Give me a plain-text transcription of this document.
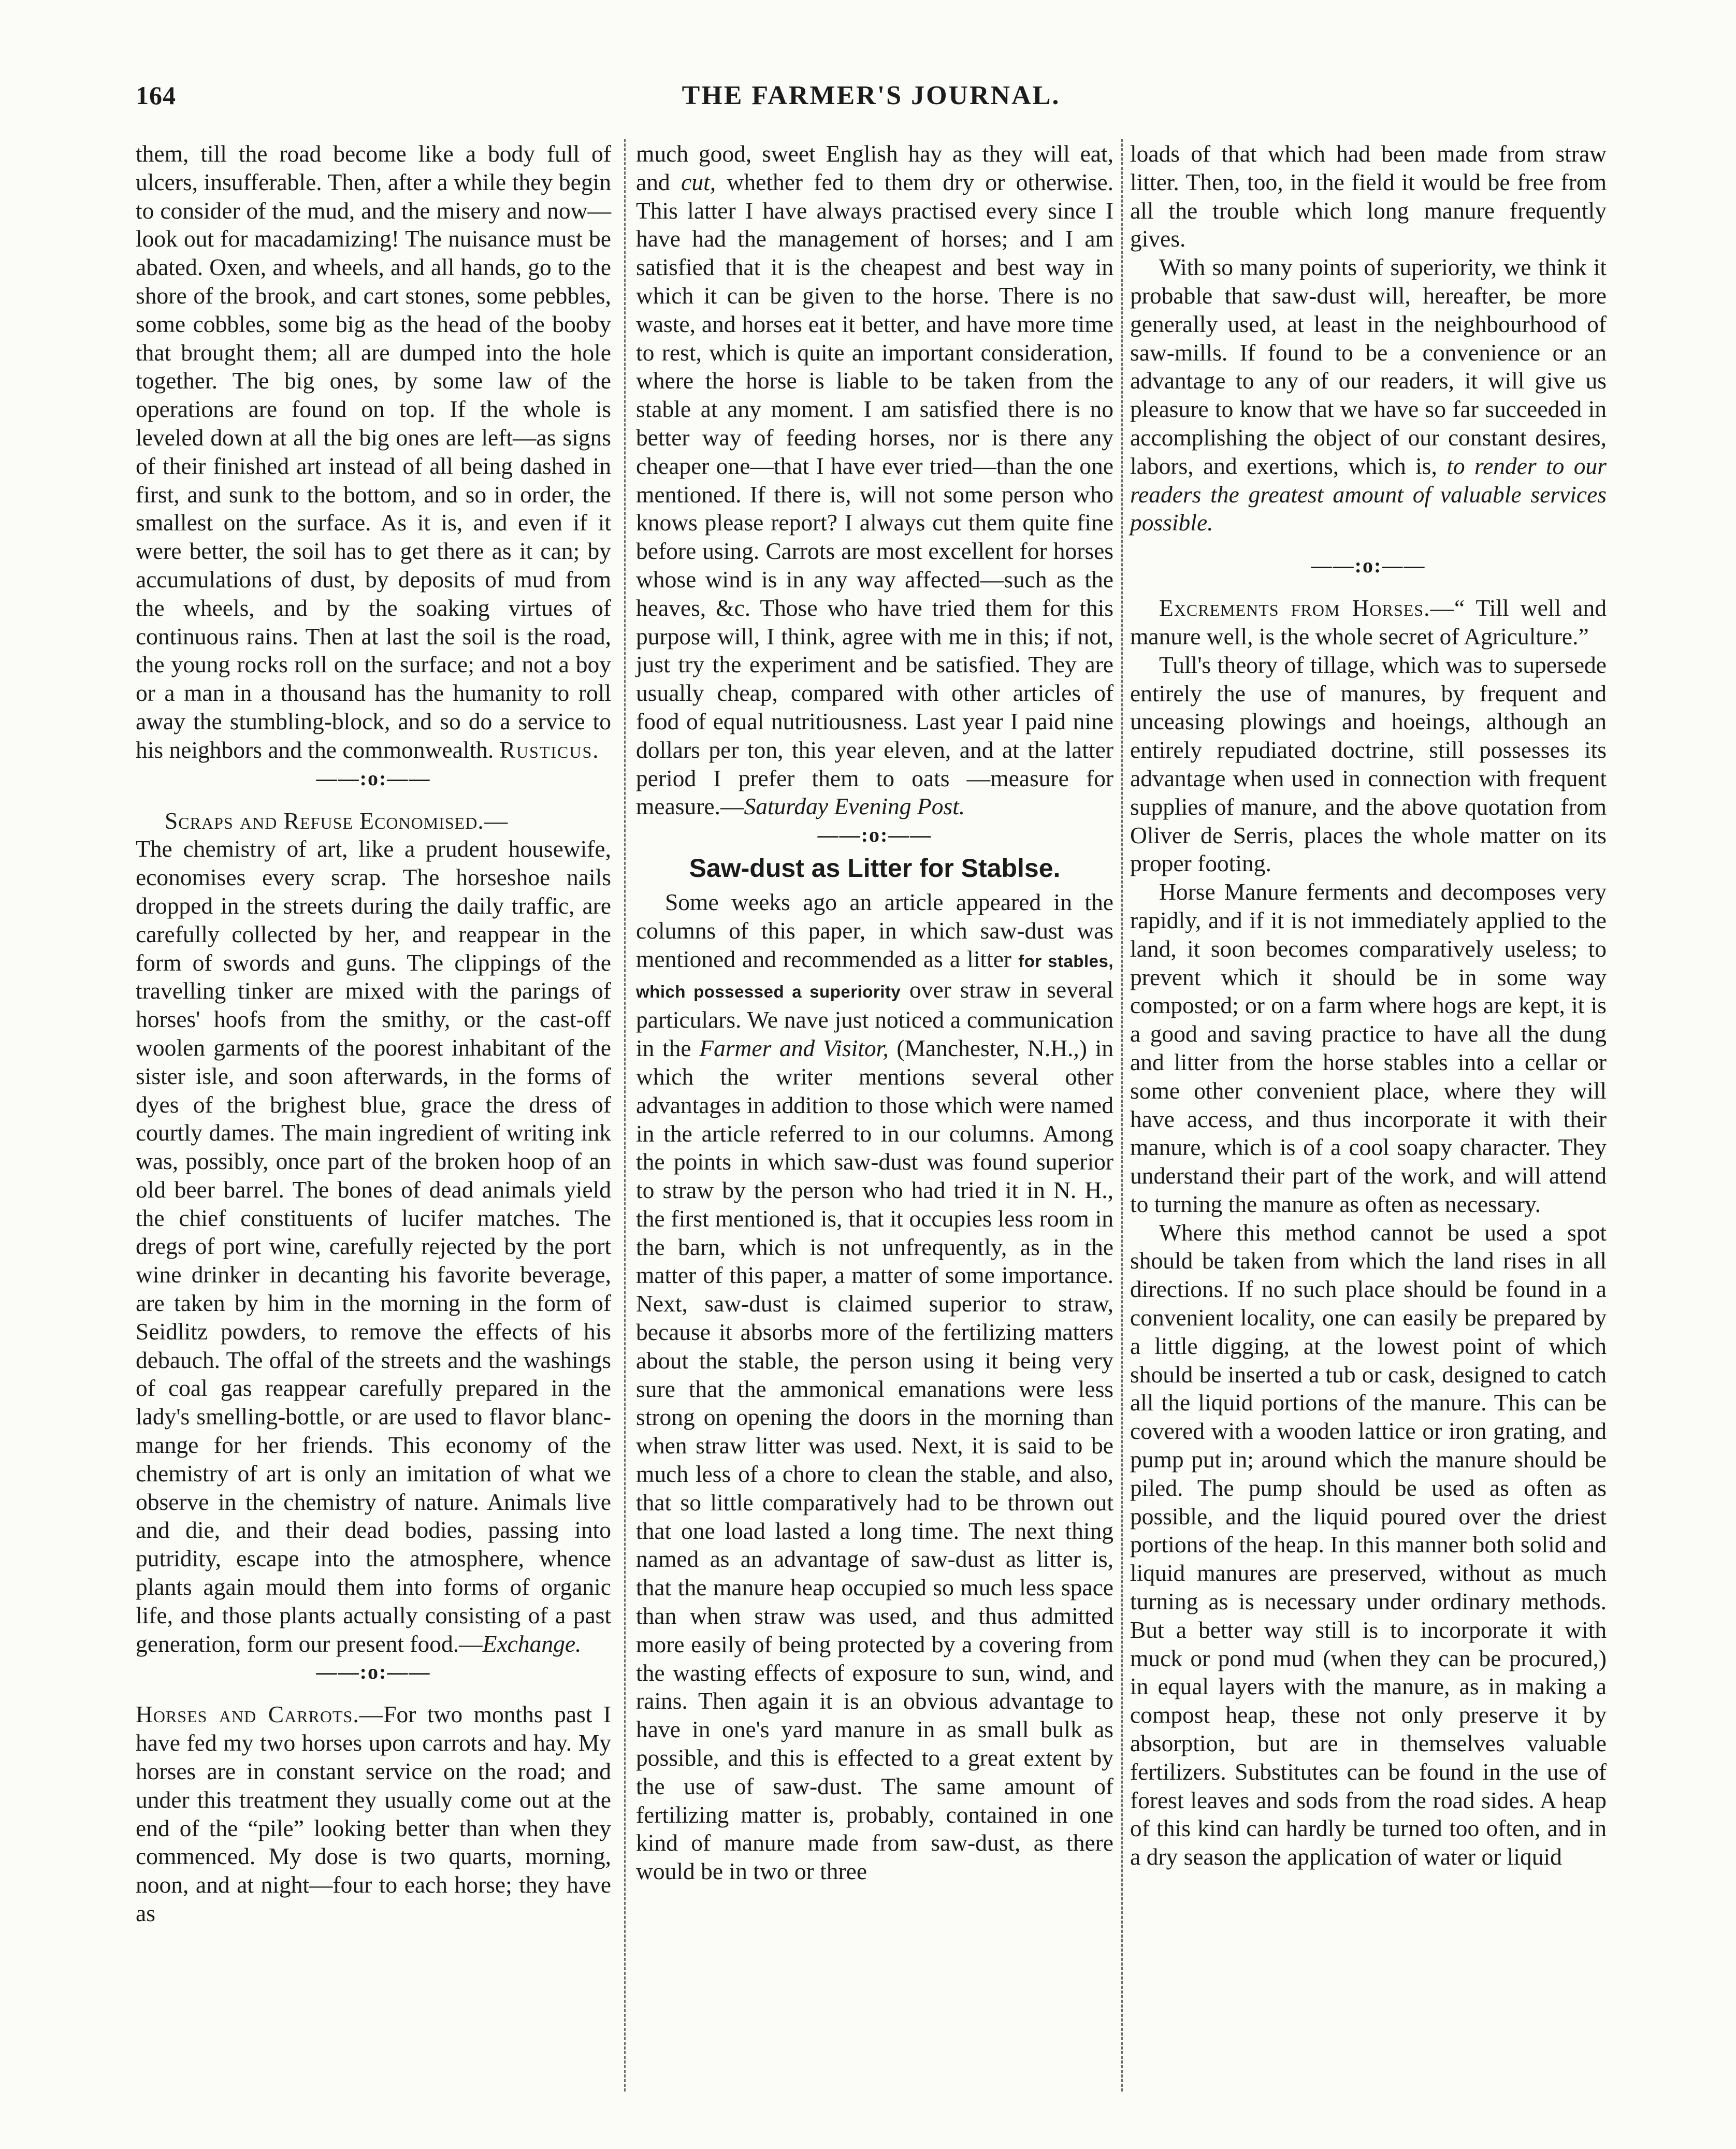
164	THE FARMER'S JOURNAL.

them, till the road become like a body full of ulcers, insufferable. Then, after a while they begin to consider of the mud, and the misery and now—look out for macadamizing! The nuisance must be abated. Oxen, and wheels, and all hands, go to the shore of the brook, and cart stones, some pebbles, some cobbles, some big as the head of the booby that brought them; all are dumped into the hole together. The big ones, by some law of the operations are found on top. If the whole is leveled down at all the big ones are left—as signs of their finished art instead of all being dashed in first, and sunk to the bottom, and so in order, the smallest on the surface. As it is, and even if it were better, the soil has to get there as it can; by accumulations of dust, by deposits of mud from the wheels, and by the soaking virtues of continuous rains. Then at last the soil is the road, the young rocks roll on the surface; and not a boy or a man in a thousand has the humanity to roll away the stumbling-block, and so do a service to his neighbors and the commonwealth. Rusticus.

——:o:——

Scraps and Refuse Economised.—

The chemistry of art, like a prudent housewife, economises every scrap. The horseshoe nails dropped in the streets during the daily traffic, are carefully collected by her, and reappear in the form of swords and guns. The clippings of the travelling tinker are mixed with the parings of horses' hoofs from the smithy, or the cast-off woolen garments of the poorest inhabitant of the sister isle, and soon afterwards, in the forms of dyes of the brighest blue, grace the dress of courtly dames. The main ingredient of writing ink was, possibly, once part of the broken hoop of an old beer barrel. The bones of dead animals yield the chief constituents of lucifer matches. The dregs of port wine, carefully rejected by the port wine drinker in decanting his favorite beverage, are taken by him in the morning in the form of Seidlitz powders, to remove the effects of his debauch. The offal of the streets and the washings of coal gas reappear carefully prepared in the lady's smelling-bottle, or are used to flavor blanc-mange for her friends. This economy of the chemistry of art is only an imitation of what we observe in the chemistry of nature. Animals live and die, and their dead bodies, passing into putridity, escape into the atmosphere, whence plants again mould them into forms of organic life, and those plants actually consisting of a past generation, form our present food.—Exchange.

——:o:——

Horses and Carrots.—For two months past I have fed my two horses upon carrots and hay. My horses are in constant service on the road; and under this treatment they usually come out at the end of the “pile” looking better than when they commenced. My dose is two quarts, morning, noon, and at night—four to each horse; they have as

much good, sweet English hay as they will eat, and cut, whether fed to them dry or otherwise. This latter I have always practised every since I have had the management of horses; and I am satisfied that it is the cheapest and best way in which it can be given to the horse. There is no waste, and horses eat it better, and have more time to rest, which is quite an important consideration, where the horse is liable to be taken from the stable at any moment. I am satisfied there is no better way of feeding horses, nor is there any cheaper one—that I have ever tried—than the one mentioned. If there is, will not some person who knows please report? I always cut them quite fine before using. Carrots are most excellent for horses whose wind is in any way affected—such as the heaves, &c. Those who have tried them for this purpose will, I think, agree with me in this; if not, just try the experiment and be satisfied. They are usually cheap, compared with other articles of food of equal nutritiousness. Last year I paid nine dollars per ton, this year eleven, and at the latter period I prefer them to oats —measure for measure.—Saturday Evening Post.

——:o:——

Saw-dust as Litter for Stablse.

Some weeks ago an article appeared in the columns of this paper, in which saw-dust was mentioned and recommended as a litter for stables, which possessed a superiority over straw in several particulars. We nave just noticed a communication in the Farmer and Visitor, (Manchester, N.H.,) in which the writer mentions several other advantages in addition to those which were named in the article referred to in our columns. Among the points in which saw-dust was found superior to straw by the person who had tried it in N. H., the first mentioned is, that it occupies less room in the barn, which is not unfrequently, as in the matter of this paper, a matter of some importance. Next, saw-dust is claimed superior to straw, because it absorbs more of the fertilizing matters about the stable, the person using it being very sure that the ammonical emanations were less strong on opening the doors in the morning than when straw litter was used. Next, it is said to be much less of a chore to clean the stable, and also, that so little comparatively had to be thrown out that one load lasted a long time. The next thing named as an advantage of saw-dust as litter is, that the manure heap occupied so much less space than when straw was used, and thus admitted more easily of being protected by a covering from the wasting effects of exposure to sun, wind, and rains. Then again it is an obvious advantage to have in one's yard manure in as small bulk as possible, and this is effected to a great extent by the use of saw-dust. The same amount of fertilizing matter is, probably, contained in one kind of manure made from saw-dust, as there would be in two or three

loads of that which had been made from straw litter. Then, too, in the field it would be free from all the trouble which long manure frequently gives.

With so many points of superiority, we think it probable that saw-dust will, hereafter, be more generally used, at least in the neighbourhood of saw-mills. If found to be a convenience or an advantage to any of our readers, it will give us pleasure to know that we have so far succeeded in accomplishing the object of our constant desires, labors, and exertions, which is, to render to our readers the greatest amount of valuable services possible.

——:o:——

Excrements from Horses.—“ Till well and manure well, is the whole secret of Agriculture.”

Tull's theory of tillage, which was to supersede entirely the use of manures, by frequent and unceasing plowings and hoeings, although an entirely repudiated doctrine, still possesses its advantage when used in connection with frequent supplies of manure, and the above quotation from Oliver de Serris, places the whole matter on its proper footing.

Horse Manure ferments and decomposes very rapidly, and if it is not immediately applied to the land, it soon becomes comparatively useless; to prevent which it should be in some way composted; or on a farm where hogs are kept, it is a good and saving practice to have all the dung and litter from the horse stables into a cellar or some other convenient place, where they will have access, and thus incorporate it with their manure, which is of a cool soapy character. They understand their part of the work, and will attend to turning the manure as often as necessary.

Where this method cannot be used a spot should be taken from which the land rises in all directions. If no such place should be found in a convenient locality, one can easily be prepared by a little digging, at the lowest point of which should be inserted a tub or cask, designed to catch all the liquid portions of the manure. This can be covered with a wooden lattice or iron grating, and pump put in; around which the manure should be piled. The pump should be used as often as possible, and the liquid poured over the driest portions of the heap. In this manner both solid and liquid manures are preserved, without as much turning as is necessary under ordinary methods. But a better way still is to incorporate it with muck or pond mud (when they can be procured,) in equal layers with the manure, as in making a compost heap, these not only preserve it by absorption, but are in themselves valuable fertilizers. Substitutes can be found in the use of forest leaves and sods from the road sides. A heap of this kind can hardly be turned too often, and in a dry season the application of water or liquid
